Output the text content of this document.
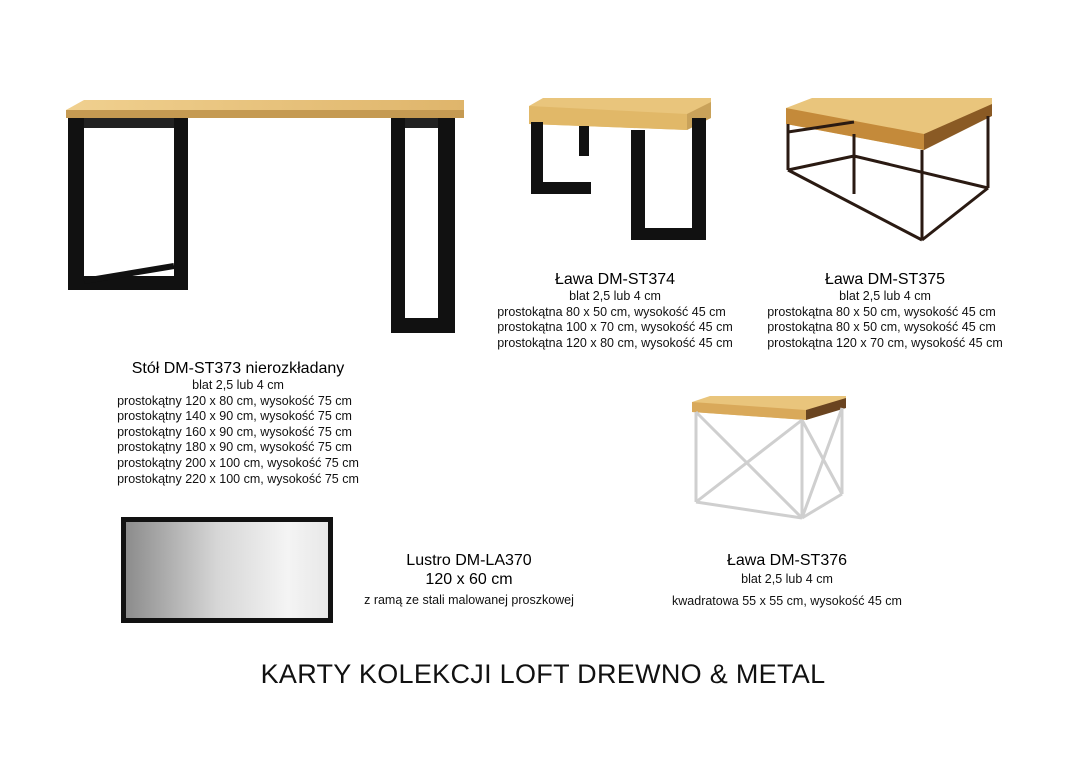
Stół DM-ST373 nierozkładany
blat 2,5 lub 4 cm
prostokątny 120 x 80 cm, wysokość 75 cm
prostokątny 140 x 90 cm, wysokość 75 cm
prostokątny 160 x 90 cm, wysokość 75 cm
prostokątny 180 x 90 cm, wysokość 75 cm
prostokątny 200 x 100 cm, wysokość 75 cm
prostokątny 220 x 100 cm, wysokość 75 cm
Ława DM-ST374
blat 2,5 lub 4 cm
prostokątna 80 x 50 cm, wysokość 45 cm
prostokątna 100 x 70 cm, wysokość 45 cm
prostokątna 120 x 80 cm, wysokość 45 cm
Ława DM-ST375
blat 2,5 lub 4 cm
prostokątna 80 x 50 cm, wysokość 45 cm
prostokątna 80 x 50 cm, wysokość 45 cm
prostokątna 120 x 70 cm, wysokość 45 cm
Lustro DM-LA370
120 x 60 cm
z ramą ze stali malowanej proszkowej
Ława DM-ST376
blat 2,5 lub 4 cm
kwadratowa 55 x 55 cm, wysokość 45 cm
KARTY KOLEKCJI LOFT DREWNO & METAL
